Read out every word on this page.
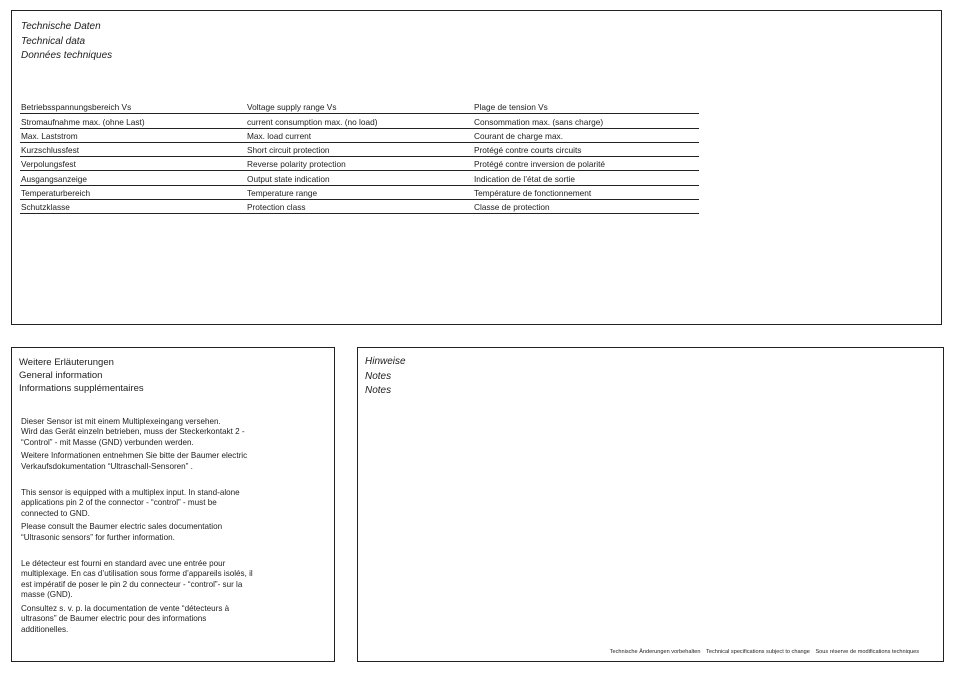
Technische Daten
Technical data
Données techniques
Betriebsspannungsbereich Vs	Voltage supply range Vs	Plage de tension Vs
Stromaufnahme max. (ohne Last)	current consumption max. (no load)	Consommation max. (sans charge)
Max. Laststrom	Max. load current	Courant de charge max.
Kurzschlussfest	Short circuit protection	Protégé contre courts circuits
Verpolungsfest	Reverse polarity protection	Protégé contre inversion de polarité
Ausgangsanzeige	Output state indication	Indication de l’état de sortie
Temperaturbereich	Temperature range	Température de fonctionnement
Schutzklasse	Protection class	Classe de protection
Weitere Erläuterungen
General information
Informations supplémentaires

Dieser Sensor ist mit einem Multiplexeingang versehen.

Wird das Gerät einzeln betrieben, muss der Steckerkontakt 2 -

“Control” - mit Masse (GND) verbunden werden.

Weitere Informationen entnehmen Sie bitte der Baumer electric

Verkaufsdokumentation “Ultraschall-Sensoren” .

This sensor is equipped with a multiplex input. In stand-alone

applications pin 2 of the connector - “control” - must be

connected to GND.

Please consult the Baumer electric sales documentation

“Ultrasonic sensors” for further information.

Le détecteur est fourni en standard avec une entrée pour

multiplexage. En cas d’utilisation sous forme d’appareils isolés, il

est impératif de poser le pin 2 du connecteur - “control”- sur la

masse (GND).

Consultez s. v. p. la documentation de vente “détecteurs à

ultrasons” de Baumer electric pour des informations

additionelles.

Hinweise
Notes
Notes
Technische Änderungen vorbehalten Technical specifications subject to change Sous réserve de modifications techniques
